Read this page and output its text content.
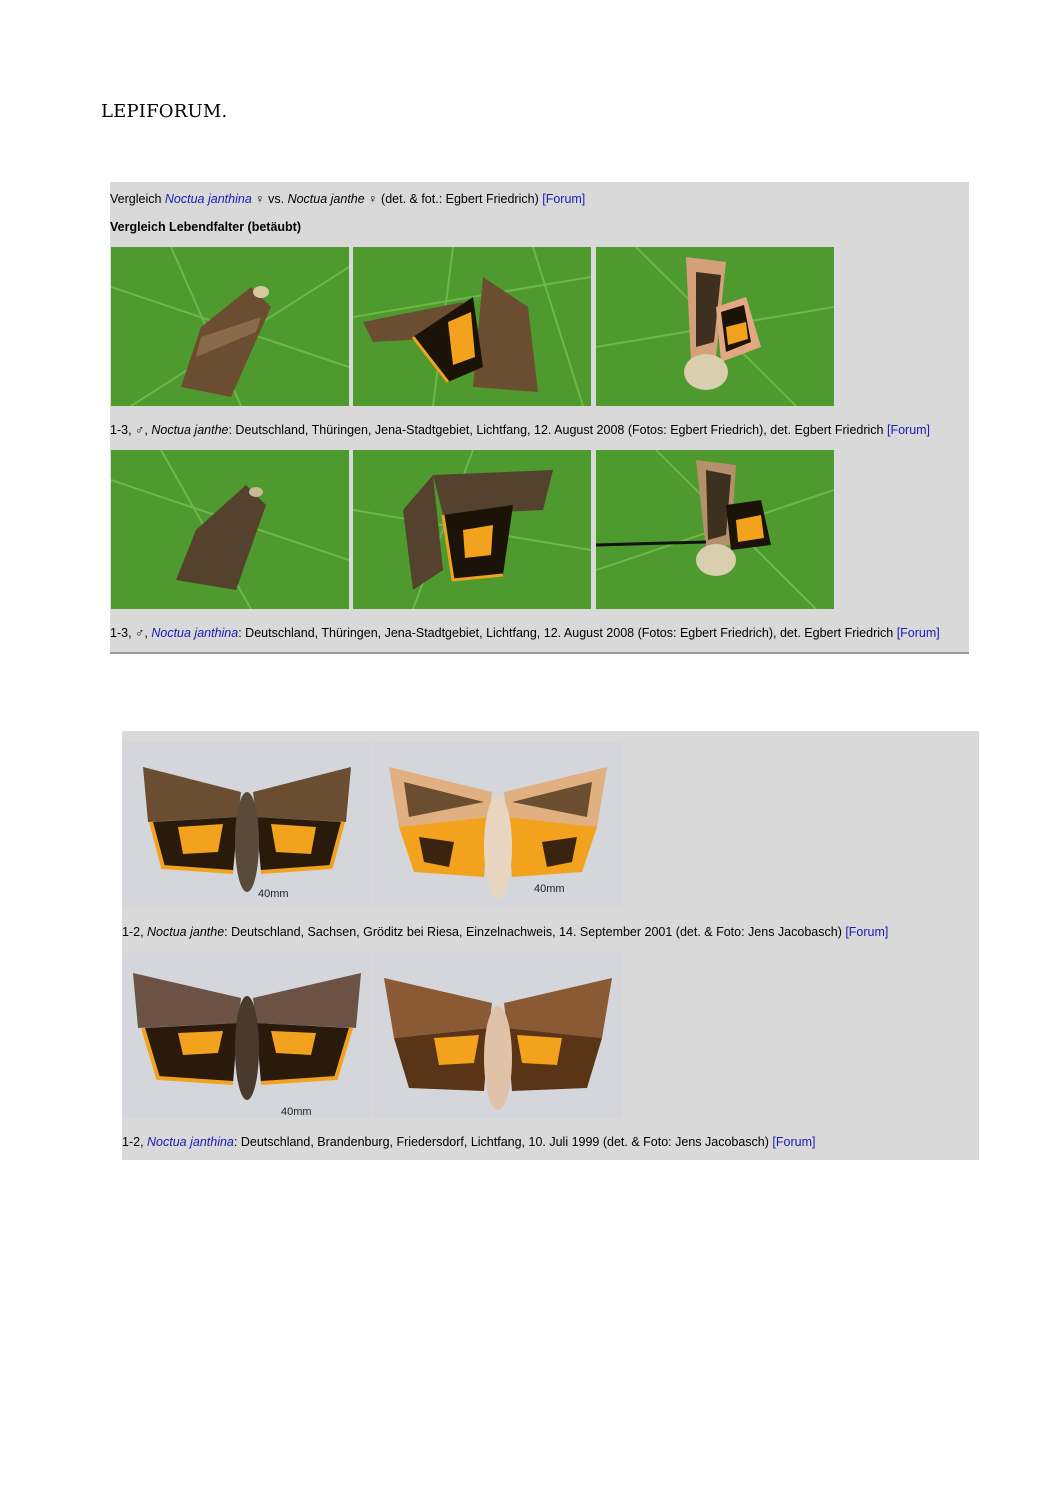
LEPIFORUM.
Vergleich Noctua janthina ♀ vs. Noctua janthe ♀ (det. & fot.: Egbert Friedrich) [Forum]
Vergleich Lebendfalter (betäubt)
1-3, ♂, Noctua janthe: Deutschland, Thüringen, Jena-Stadtgebiet, Lichtfang, 12. August 2008 (Fotos: Egbert Friedrich), det. Egbert Friedrich [Forum]
1-3, ♂, Noctua janthina: Deutschland, Thüringen, Jena-Stadtgebiet, Lichtfang, 12. August 2008 (Fotos: Egbert Friedrich), det. Egbert Friedrich [Forum]
40mm	40mm
1-2, Noctua janthe: Deutschland, Sachsen, Gröditz bei Riesa, Einzelnachweis, 14. September 2001 (det. & Foto: Jens Jacobasch) [Forum]
40mm
1-2, Noctua janthina: Deutschland, Brandenburg, Friedersdorf, Lichtfang, 10. Juli 1999 (det. & Foto: Jens Jacobasch) [Forum]
